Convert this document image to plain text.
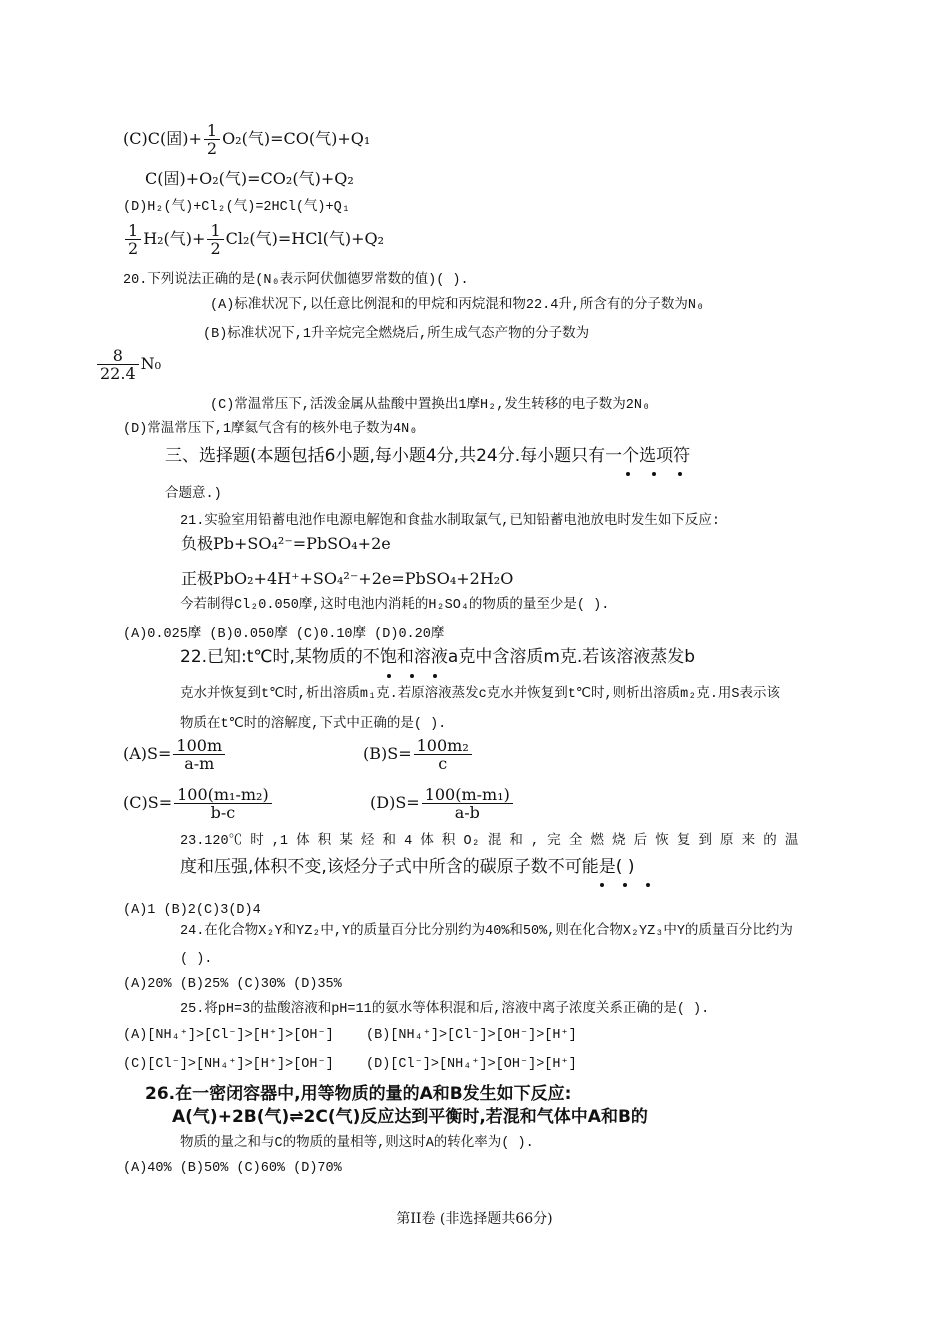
(C)C(固)+ $\frac{1}{2} O_2$(气)=CO(气)+Q₁
C(固)+O₂(气)=CO₂(气)+Q₂
(D)H₂(气)+Cl₂(气)=2HCl(气)+Q₁
$\frac{1}{2} H_2$(气)+ $\frac{1}{2} Cl_2$(气)=HCl(气)+Q₂
20.下列说法正确的是(N₀表示阿伏伽德罗常数的值)( ).
(A)标准状况下,以任意比例混和的甲烷和丙烷混和物22.4升,所含有的分子数为N₀
(B)标准状况下,1升辛烷完全燃烧后,所生成气态产物的分子数为
$\frac{8}{22.4} N_0$
(C)常温常压下,活泼金属从盐酸中置换出1摩H₂,发生转移的电子数为2N₀
(D)常温常压下,1摩氦气含有的核外电子数为4N₀
三、选择题(本题包括6小题,每小题4分,共24分.每小题只有一个选项符
合题意.)
21.实验室用铅蓄电池作电源电解饱和食盐水制取氯气,已知铅蓄电池放电时发生如下反应:
负极Pb+SO₄²⁻=PbSO₄+2e
正极PbO₂+4H⁺+SO₄²⁻+2e=PbSO₄+2H₂O
今若制得Cl₂0.050摩,这时电池内消耗的H₂SO₄的物质的量至少是( ).
(A)0.025摩 (B)0.050摩 (C)0.10摩 (D)0.20摩
22.已知:t℃时,某物质的不饱和溶液a克中含溶质m克.若该溶液蒸发b
克水并恢复到t℃时,析出溶质m₁克.若原溶液蒸发c克水并恢复到t℃时,则析出溶质m₂克.用S表示该
物质在t℃时的溶解度,下式中正确的是( ).
$(A)S= \frac{100m}{a-m}$	$(B)S= \frac{\text{100m₂}}{c}$
$(C)S= \frac{\text{100(m₁-m₂)}}{b-c}$	$(D)S= \frac{\text{100(m-m₁)}}{a-b}$
23.120℃ 时 ,1 体 积 某 烃 和 4 体 积 O₂ 混 和 , 完 全 燃 烧 后 恢 复 到 原 来 的 温
度和压强,体积不变,该烃分子式中所含的碳原子数不可能是( )
(A)1 (B)2(C)3(D)4
24.在化合物X₂Y和YZ₂中,Y的质量百分比分别约为40%和50%,则在化合物X₂YZ₃中Y的质量百分比约为
( ).
(A)20% (B)25% (C)30% (D)35%
25.将pH=3的盐酸溶液和pH=11的氨水等体积混和后,溶液中离子浓度关系正确的是( ).
(A)[NH₄⁺]>[Cl⁻]>[H⁺]>[OH⁻] (B)[NH₄⁺]>[Cl⁻]>[OH⁻]>[H⁺]
(C)[Cl⁻]>[NH₄⁺]>[H⁺]>[OH⁻] (D)[Cl⁻]>[NH₄⁺]>[OH⁻]>[H⁺]
26.在一密闭容器中,用等物质的量的A和B发生如下反应:
A(气)+2B(气)⇌2C(气)反应达到平衡时,若混和气体中A和B的
物质的量之和与C的物质的量相等,则这时A的转化率为( ).
(A)40% (B)50% (C)60% (D)70%
第II卷 (非选择题共66分)
